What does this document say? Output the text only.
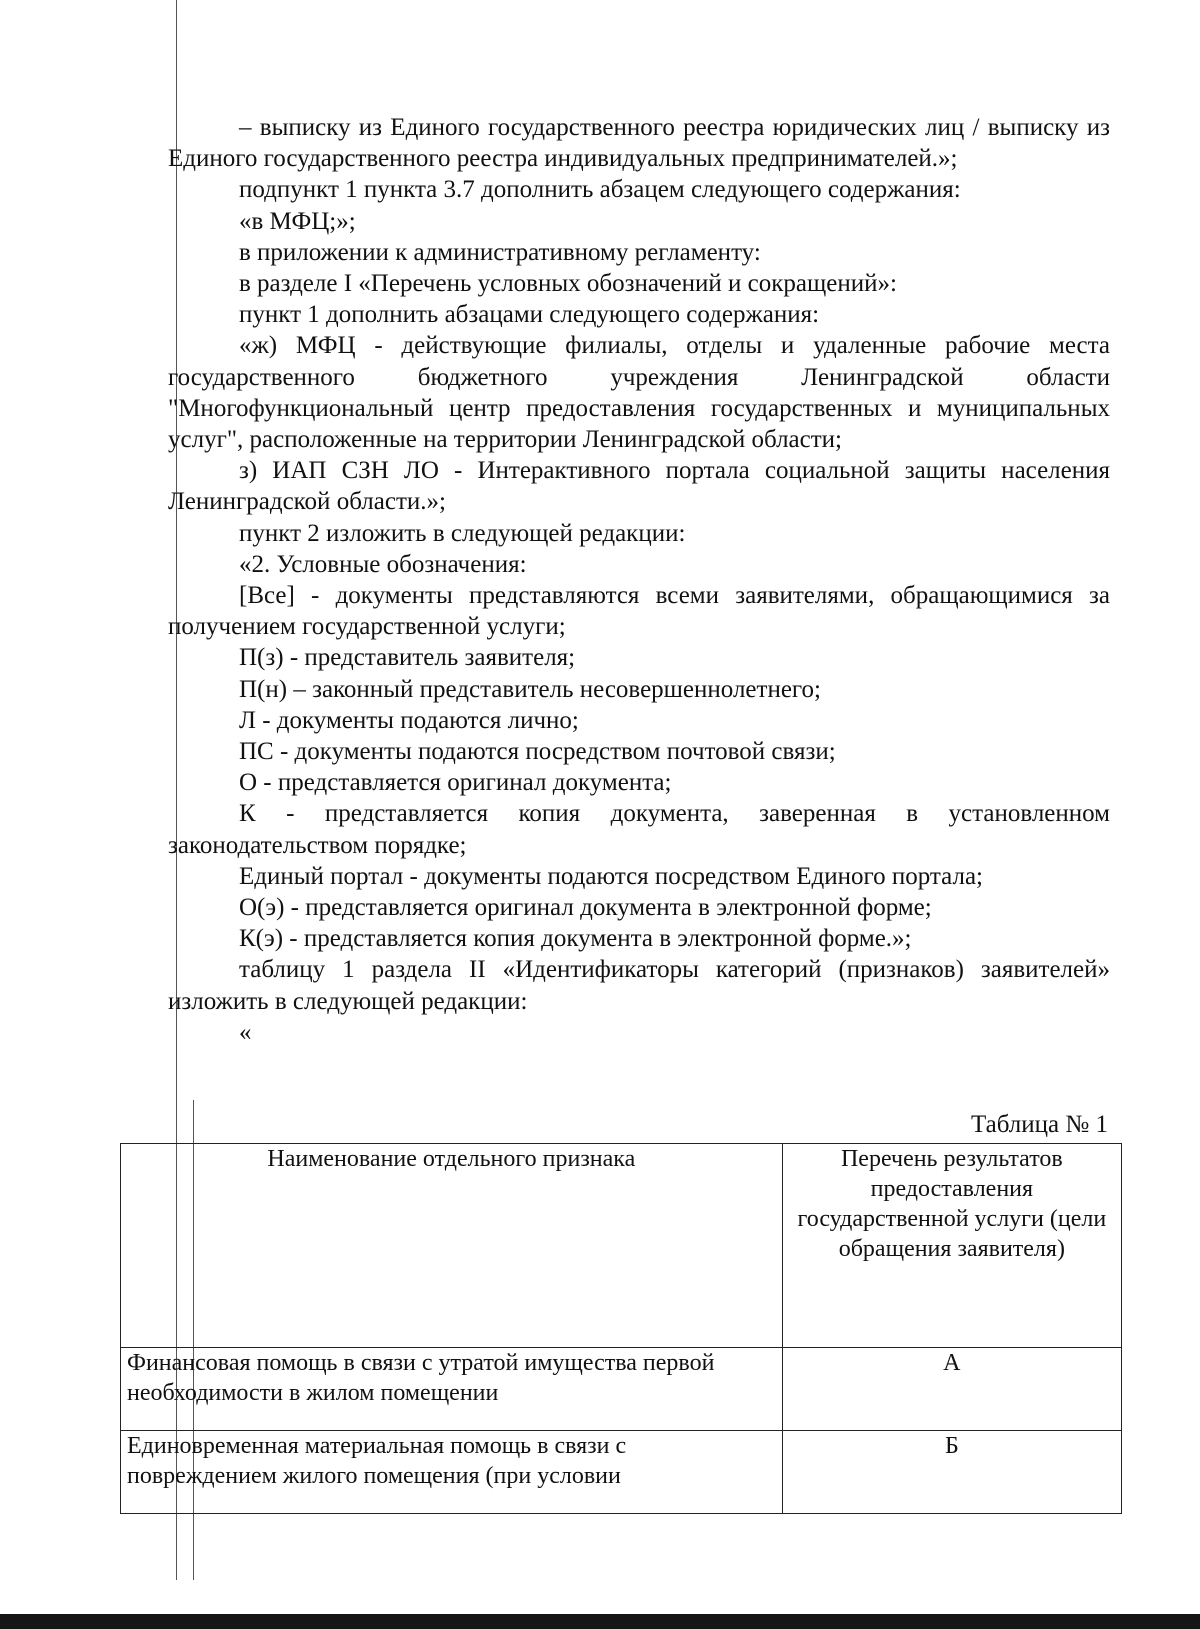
– выписку из Единого государственного реестра юридических лиц / выписку из Единого государственного реестра индивидуальных предпринимателей.»;

подпункт 1 пункта 3.7 дополнить абзацем следующего содержания:

«в МФЦ;»;

в приложении к административному регламенту:

в разделе I «Перечень условных обозначений и сокращений»:

пункт 1 дополнить абзацами следующего содержания:

«ж) МФЦ - действующие филиалы, отделы и удаленные рабочие места государственного бюджетного учреждения Ленинградской области "Многофункциональный центр предоставления государственных и муниципальных услуг", расположенные на территории Ленинградской области;

з) ИАП СЗН ЛО - Интерактивного портала социальной защиты населения Ленинградской области.»;

пункт 2 изложить в следующей редакции:

«2. Условные обозначения:

[Все] - документы представляются всеми заявителями, обращающимися за получением государственной услуги;

П(з) - представитель заявителя;

П(н) – законный представитель несовершеннолетнего;

Л - документы подаются лично;

ПС - документы подаются посредством почтовой связи;

О - представляется оригинал документа;

К - представляется копия документа, заверенная в установленном законодательством порядке;

Единый портал - документы подаются посредством Единого портала;

О(э) - представляется оригинал документа в электронной форме;

К(э) - представляется копия документа в электронной форме.»;

таблицу 1 раздела II «Идентификаторы категорий (признаков) заявителей» изложить в следующей редакции:

«

Таблица № 1
Наименование отдельного признака	Перечень результатов предоставления государственной услуги (цели обращения заявителя)
Финансовая помощь в связи с утратой имущества первой необходимости в жилом помещении	А
Единовременная материальная помощь в связи с повреждением жилого помещения (при условии	Б
